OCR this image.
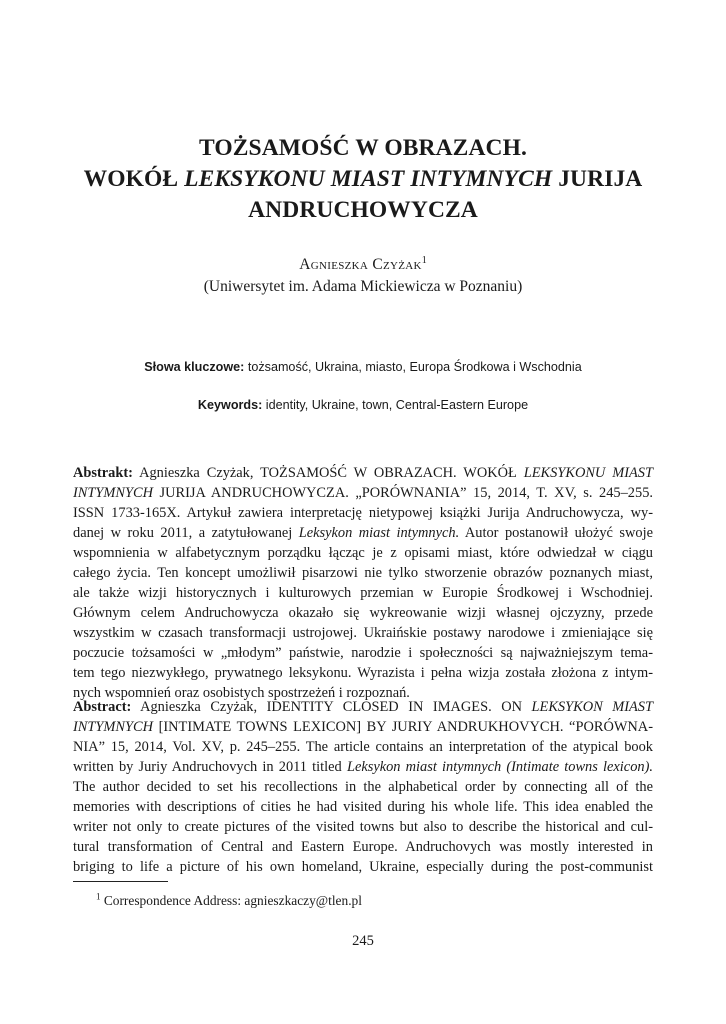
TOŻSAMOŚĆ W OBRAZACH.
WOKÓŁ LEKSYKONU MIAST INTYMNYCH JURIJA
ANDRUCHOWYCZA
Agnieszka Czyżak$^1$
(Uniwersytet im. Adama Mickiewicza w Poznaniu)
Słowa kluczowe: tożsamość, Ukraina, miasto, Europa Środkowa i Wschodnia
Keywords: identity, Ukraine, town, Central-Eastern Europe
Abstrakt: Agnieszka Czyżak, TOŻSAMOŚĆ W OBRAZACH. WOKÓŁ LEKSYKONU MIAST
INTYMNYCH JURIJA ANDRUCHOWYCZA. „PORÓWNANIA” 15, 2014, T. XV, s. 245–255.
ISSN 1733-165X. Artykuł zawiera interpretację nietypowej książki Jurija Andruchowycza, wy-
danej w roku 2011, a zatytułowanej Leksykon miast intymnych. Autor postanowił ułożyć swoje
wspomnienia w alfabetycznym porządku łącząc je z opisami miast, które odwiedzał w ciągu
całego życia. Ten koncept umożliwił pisarzowi nie tylko stworzenie obrazów poznanych miast,
ale także wizji historycznych i kulturowych przemian w Europie Środkowej i Wschodniej.
Głównym celem Andruchowycza okazało się wykreowanie wizji własnej ojczyzny, przede
wszystkim w czasach transformacji ustrojowej. Ukraińskie postawy narodowe i zmieniające się
poczucie tożsamości w „młodym” państwie, narodzie i społeczności są najważniejszym tema-
tem tego niezwykłego, prywatnego leksykonu. Wyrazista i pełna wizja została złożona z intym-
nych wspomnień oraz osobistych spostrzeżeń i rozpoznań.
Abstract: Agnieszka Czyżak, IDENTITY CLOSED IN IMAGES. ON LEKSYKON MIAST
INTYMNYCH [INTIMATE TOWNS LEXICON] BY JURIY ANDRUKHOVYCH. “PORÓWNA-
NIA” 15, 2014, Vol. XV, p. 245–255. The article contains an interpretation of the atypical book
written by Juriy Andruchovych in 2011 titled Leksykon miast intymnych (Intimate towns lexicon).
The author decided to set his recollections in the alphabetical order by connecting all of the
memories with descriptions of cities he had visited during his whole life. This idea enabled the
writer not only to create pictures of the visited towns but also to describe the historical and cul-
tural transformation of Central and Eastern Europe. Andruchovych was mostly interested in
briging to life a picture of his own homeland, Ukraine, especially during the post-communist
$^1$ Correspondence Address: agnieszkaczy@tlen.pl
245
